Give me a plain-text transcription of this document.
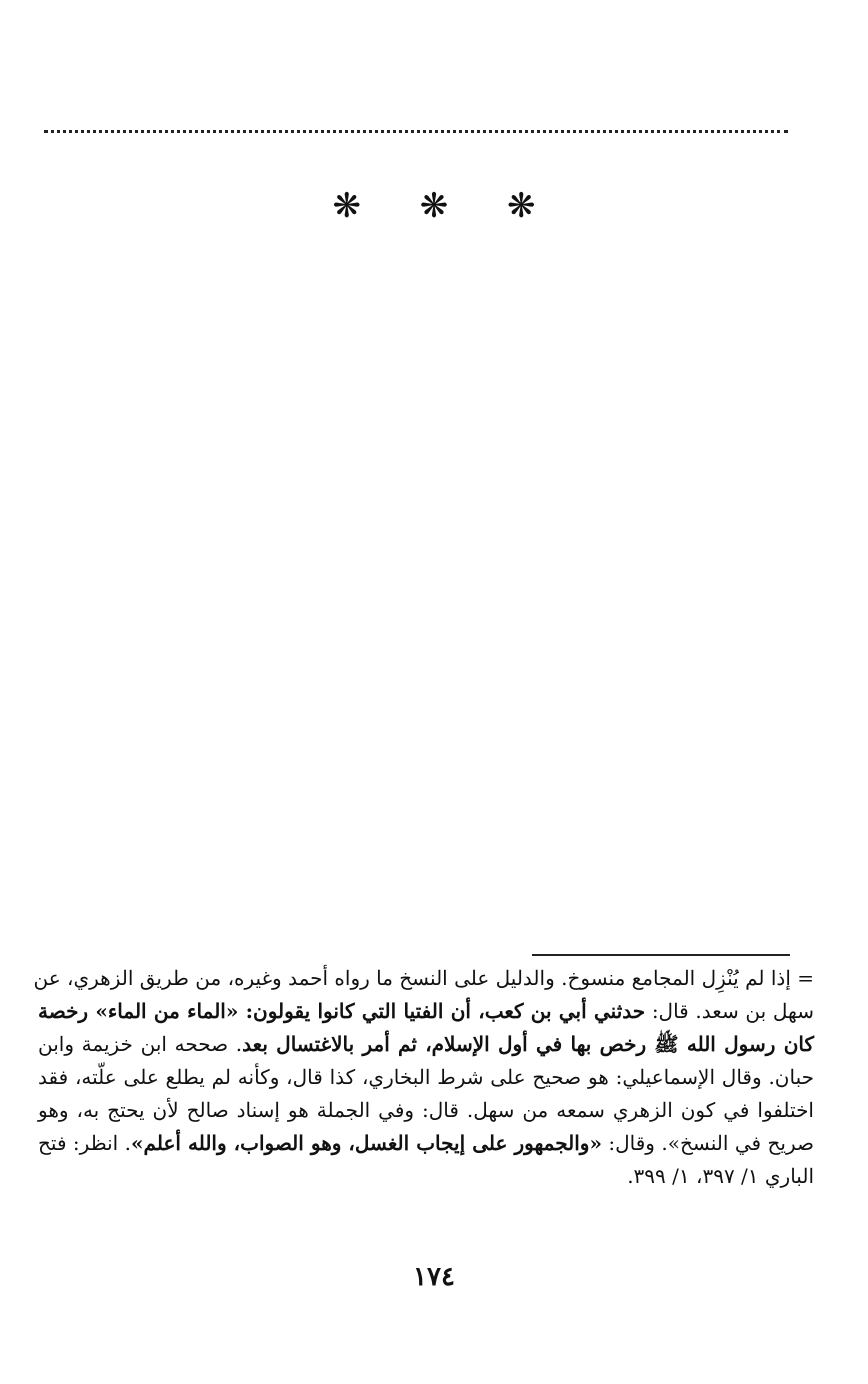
❋ ❋ ❋
= إذا لم يُنْزِل المجامع منسوخ. والدليل على النسخ ما رواه أحمد وغيره، من طريق الزهري، عن
سهل بن سعد. قال: حدثني أبي بن كعب، أن الفتيا التي كانوا يقولون: «الماء من الماء» رخصة
كان رسول الله ﷺ رخص بها في أول الإسلام، ثم أمر بالاغتسال بعد. صححه ابن خزيمة وابن
حبان. وقال الإسماعيلي: هو صحيح على شرط البخاري، كذا قال، وكأنه لم يطلع على علّته، فقد
اختلفوا في كون الزهري سمعه من سهل. قال: وفي الجملة هو إسناد صالح لأن يحتج به، وهو
صريح في النسخ». وقال: «والجمهور على إيجاب الغسل، وهو الصواب، والله أعلم». انظر: فتح
الباري ١/ ٣٩٧، ١/ ٣٩٩.
١٧٤
